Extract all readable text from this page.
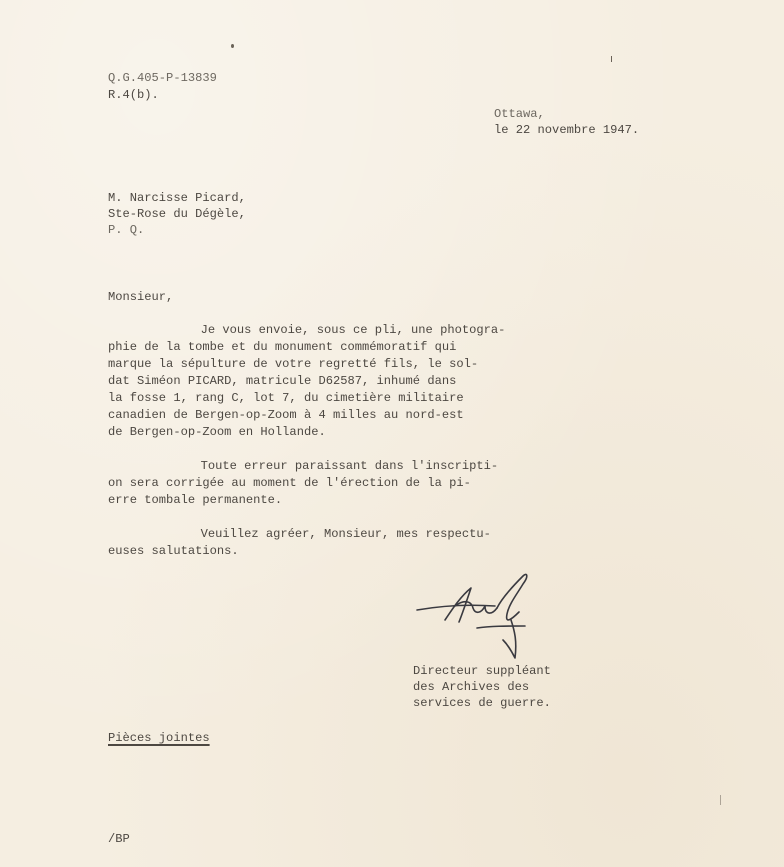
Q.G.405-P-13839
R.4(b).
Ottawa,
le 22 novembre 1947.
M. Narcisse Picard,
Ste-Rose du Dégèle,
P. Q.
Monsieur,
Je vous envoie, sous ce pli, une photogra-
phie de la tombe et du monument commémoratif qui
marque la sépulture de votre regretté fils, le sol-
dat Siméon PICARD, matricule D62587, inhumé dans
la fosse 1, rang C, lot 7, du cimetière militaire
canadien de Bergen-op-Zoom à 4 milles au nord-est
de Bergen-op-Zoom en Hollande.
Toute erreur paraissant dans l'inscripti-
on sera corrigée au moment de l'érection de la pi-
erre tombale permanente.
Veuillez agréer, Monsieur, mes respectu-
euses salutations.
Directeur suppléant
des Archives des
services de guerre.
Pièces jointes
/BP
